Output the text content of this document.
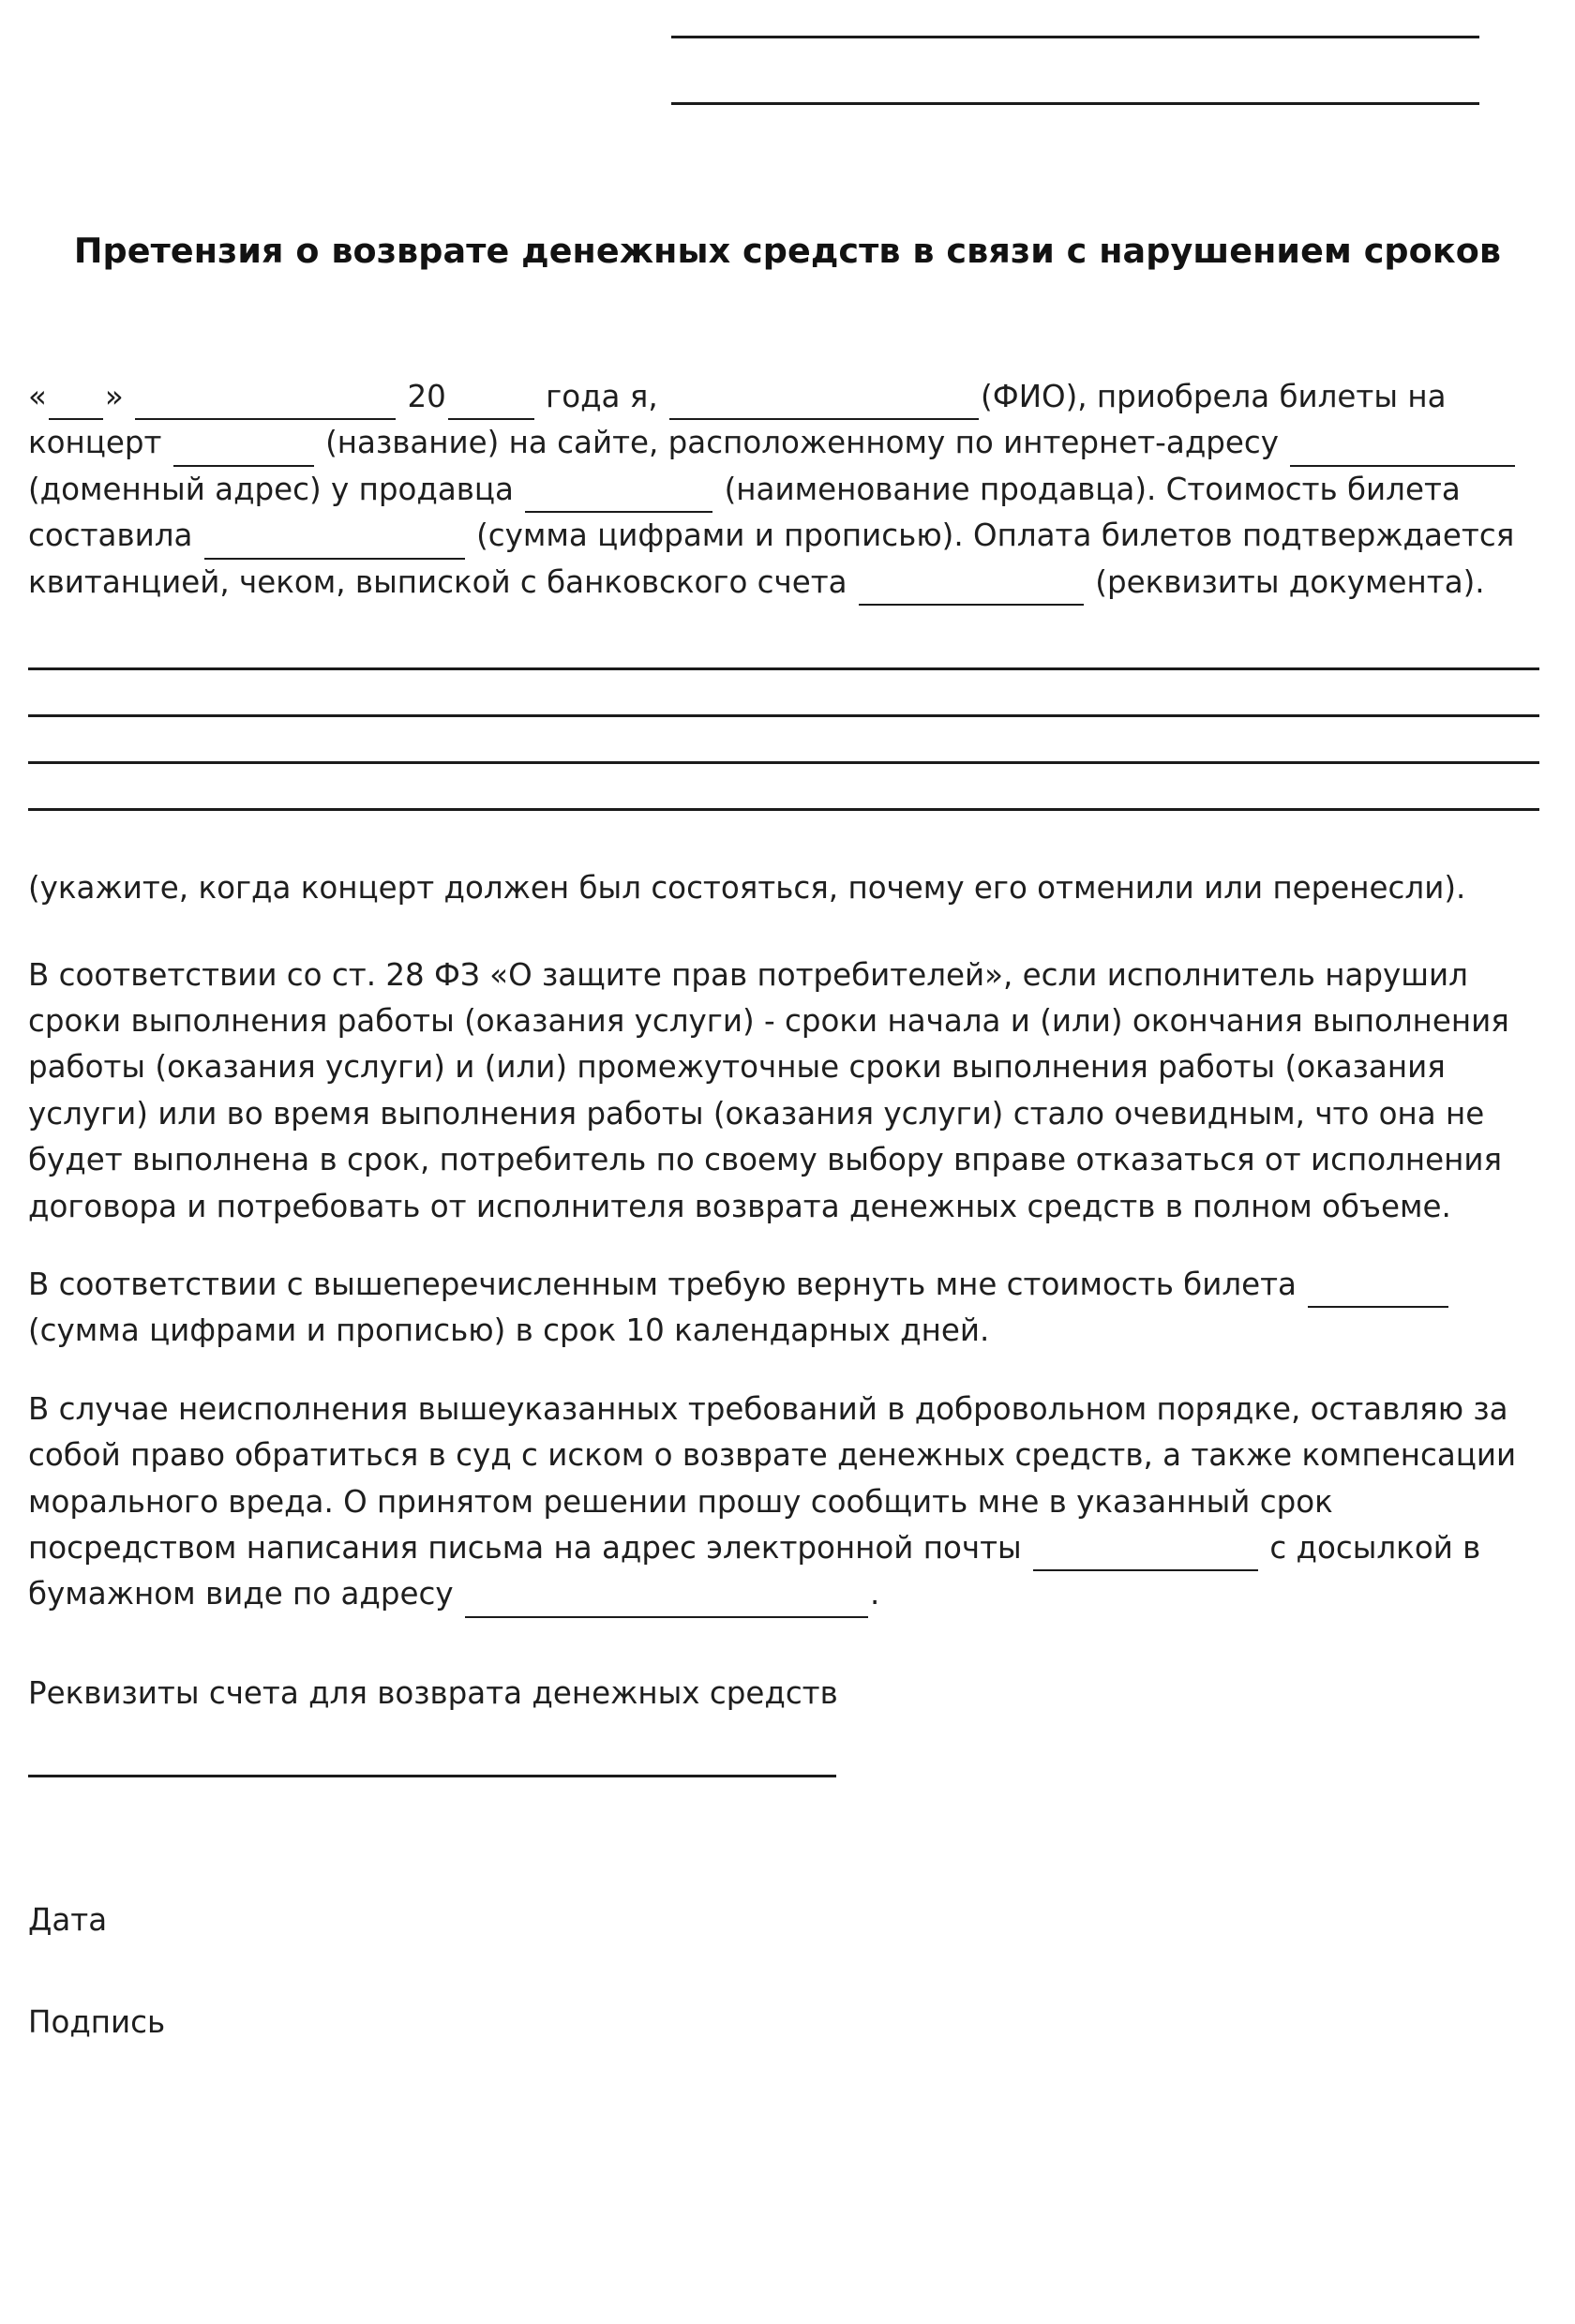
Претензия о возврате денежных средств в связи с нарушением сроков

« »	20	года я,	(ФИО), приобрела билеты на концерт	(название) на сайте, расположенному по интернет-адресу  (доменный адрес) у продавца	(наименование продавца). Стоимость билета составила	(сумма цифрами и прописью). Оплата билетов подтверждается квитанцией, чеком, выпиской с банковского счета	(реквизиты документа).

(укажите, когда концерт должен был состояться, почему его отменили или перенесли).

В соответствии со ст. 28 ФЗ «О защите прав потребителей», если исполнитель нарушил сроки выполнения работы (оказания услуги) - сроки начала и (или) окончания выполнения работы (оказания услуги) и (или) промежуточные сроки выполнения работы (оказания услуги) или во время выполнения работы (оказания услуги) стало очевидным, что она не будет выполнена в срок, потребитель по своему выбору вправе отказаться от исполнения договора и потребовать от исполнителя возврата денежных средств в полном объеме.

В соответствии с вышеперечисленным требую вернуть мне стоимость билета  (сумма цифрами и прописью) в срок 10 календарных дней.

В случае неисполнения вышеуказанных требований в добровольном порядке, оставляю за собой право обратиться в суд с иском о возврате денежных средств, а также компенсации морального вреда. О принятом решении прошу сообщить мне в указанный срок посредством написания письма на адрес электронной почты	с досылкой в бумажном виде по адресу	.

Реквизиты счета для возврата денежных средств

Дата
Подпись
